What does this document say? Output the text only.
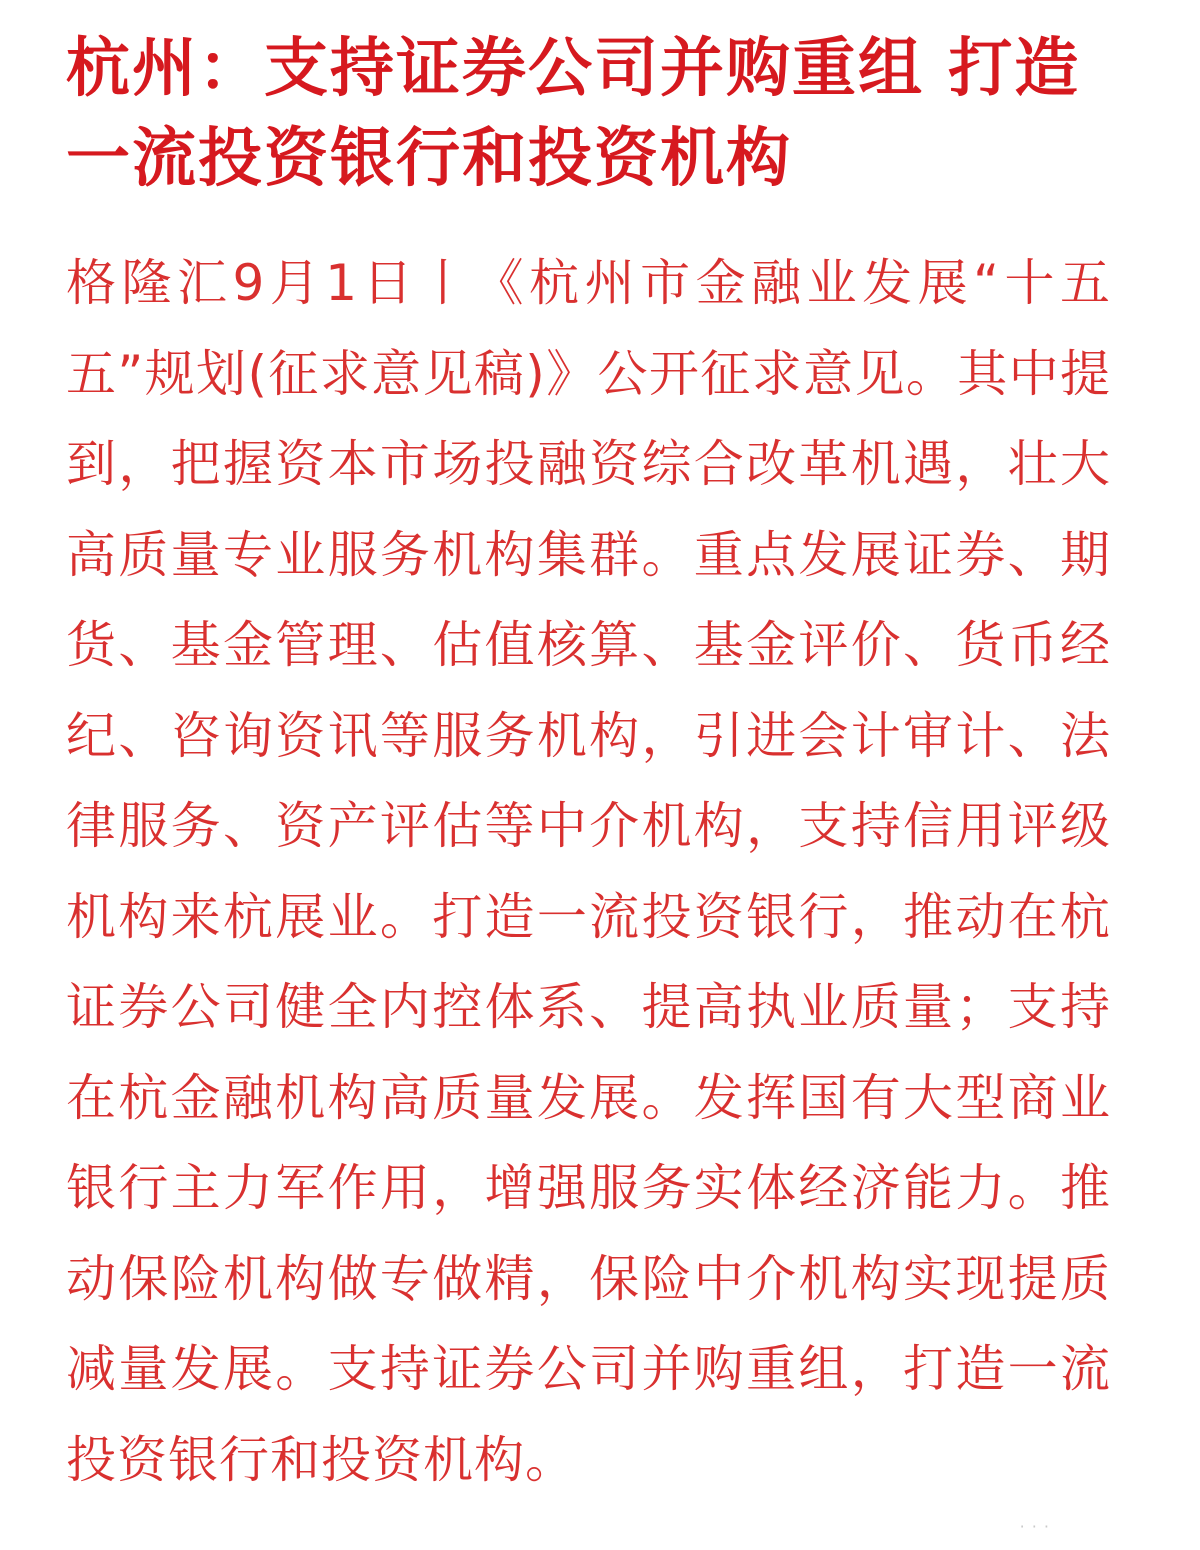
杭州：支持证券公司并购重组 打造一流投资银行和投资机构

格隆汇9月1日丨《杭州市金融业发展“十五五”规划(征求意见稿)》公开征求意见。其中提到，把握资本市场投融资综合改革机遇，壮大高质量专业服务机构集群。重点发展证券、期货、基金管理、估值核算、基金评价、货币经纪、咨询资讯等服务机构，引进会计审计、法律服务、资产评估等中介机构，支持信用评级机构来杭展业。打造一流投资银行，推动在杭证券公司健全内控体系、提高执业质量；支持在杭金融机构高质量发展。发挥国有大型商业银行主力军作用，增强服务实体经济能力。推动保险机构做专做精，保险中介机构实现提质减量发展。支持证券公司并购重组，打造一流投资银行和投资机构。

· · ·
